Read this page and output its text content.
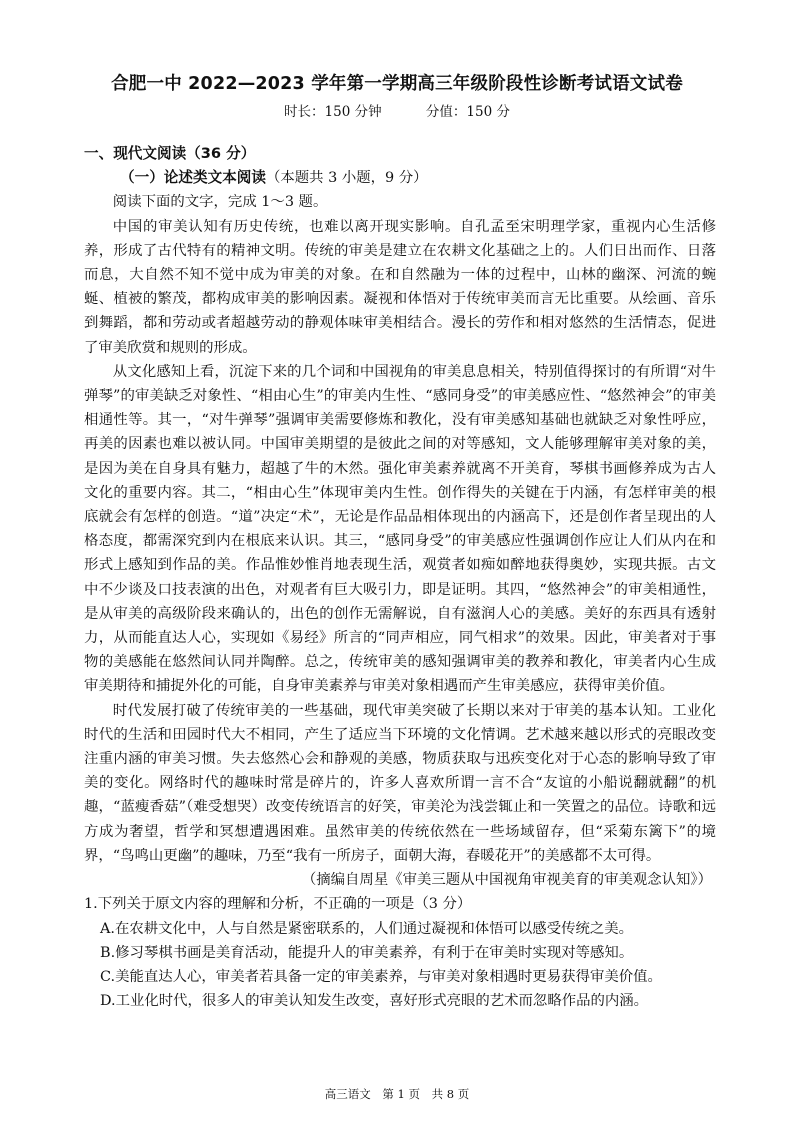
合肥一中 2022—2023 学年第一学期高三年级阶段性诊断考试语文试卷
时长：150 分钟	分值：150 分
一、现代文阅读（36 分）
（一）论述类文本阅读（本题共 3 小题，9 分）

阅读下面的文字，完成 1～3 题。

中国的审美认知有历史传统，也难以离开现实影响。自孔孟至宋明理学家，重视内心生活修养，形成了古代特有的精神文明。传统的审美是建立在农耕文化基础之上的。人们日出而作、日落而息，大自然不知不觉中成为审美的对象。在和自然融为一体的过程中，山林的幽深、河流的蜿蜒、植被的繁茂，都构成审美的影响因素。凝视和体悟对于传统审美而言无比重要。从绘画、音乐到舞蹈，都和劳动或者超越劳动的静观体味审美相结合。漫长的劳作和相对悠然的生活情态，促进了审美欣赏和规则的形成。

从文化感知上看，沉淀下来的几个词和中国视角的审美息息相关，特别值得探讨的有所谓“对牛弹琴”的审美缺乏对象性、“相由心生”的审美内生性、“感同身受”的审美感应性、“悠然神会”的审美相通性等。其一，“对牛弹琴”强调审美需要修炼和教化，没有审美感知基础也就缺乏对象性呼应，再美的因素也难以被认同。中国审美期望的是彼此之间的对等感知，文人能够理解审美对象的美，是因为美在自身具有魅力，超越了牛的木然。强化审美素养就离不开美育，琴棋书画修养成为古人文化的重要内容。其二，“相由心生”体现审美内生性。创作得失的关键在于内涵，有怎样审美的根底就会有怎样的创造。“道”决定“术”，无论是作品品相体现出的内涵高下，还是创作者呈现出的人格态度，都需深究到内在根底来认识。其三，“感同身受”的审美感应性强调创作应让人们从内在和形式上感知到作品的美。作品惟妙惟肖地表现生活，观赏者如痴如醉地获得奥妙，实现共振。古文中不少谈及口技表演的出色，对观者有巨大吸引力，即是证明。其四，“悠然神会”的审美相通性，是从审美的高级阶段来确认的，出色的创作无需解说，自有滋润人心的美感。美好的东西具有透射力，从而能直达人心，实现如《易经》所言的“同声相应，同气相求”的效果。因此，审美者对于事物的美感能在悠然间认同并陶醉。总之，传统审美的感知强调审美的教养和教化，审美者内心生成审美期待和捕捉外化的可能，自身审美素养与审美对象相遇而产生审美感应，获得审美价值。

时代发展打破了传统审美的一些基础，现代审美突破了长期以来对于审美的基本认知。工业化时代的生活和田园时代大不相同，产生了适应当下环境的文化情调。艺术越来越以形式的亮眼改变注重内涵的审美习惯。失去悠然心会和静观的美感，物质获取与迅疾变化对于心态的影响导致了审美的变化。网络时代的趣味时常是碎片的，许多人喜欢所谓一言不合“友谊的小船说翻就翻”的机趣，“蓝瘦香菇”（难受想哭）改变传统语言的好笑，审美沦为浅尝辄止和一笑置之的品位。诗歌和远方成为奢望，哲学和冥想遭遇困难。虽然审美的传统依然在一些场域留存，但“采菊东篱下”的境界，“鸟鸣山更幽”的趣味，乃至“我有一所房子，面朝大海，春暖花开”的美感都不太可得。

（摘编自周星《审美三题从中国视角审视美育的审美观念认知》）

1.下列关于原文内容的理解和分析，不正确的一项是（3 分）

A.在农耕文化中，人与自然是紧密联系的，人们通过凝视和体悟可以感受传统之美。

B.修习琴棋书画是美育活动，能提升人的审美素养，有利于在审美时实现对等感知。

C.美能直达人心，审美者若具备一定的审美素养，与审美对象相遇时更易获得审美价值。

D.工业化时代，很多人的审美认知发生改变，喜好形式亮眼的艺术而忽略作品的内涵。

高三语文 第 1 页 共 8 页
